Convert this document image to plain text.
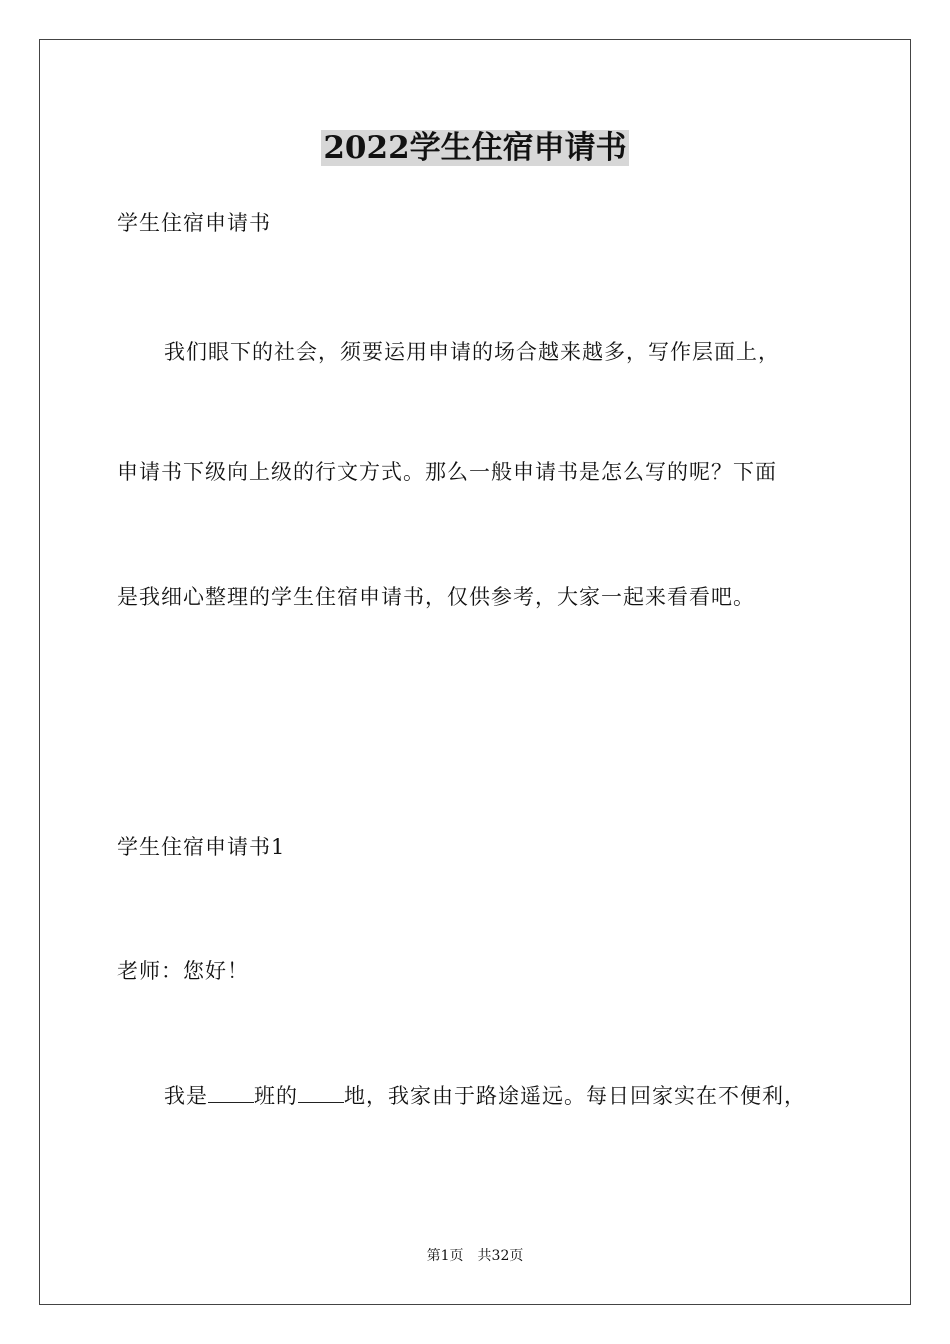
2022学生住宿申请书
学生住宿申请书
我们眼下的社会，须要运用申请的场合越来越多，写作层面上，
申请书下级向上级的行文方式。那么一般申请书是怎么写的呢？下面
是我细心整理的学生住宿申请书，仅供参考，大家一起来看看吧。
学生住宿申请书1
老师：您好！
我是 班的 地，我家由于路途遥远。每日回家实在不便利，
第1页 共32页
